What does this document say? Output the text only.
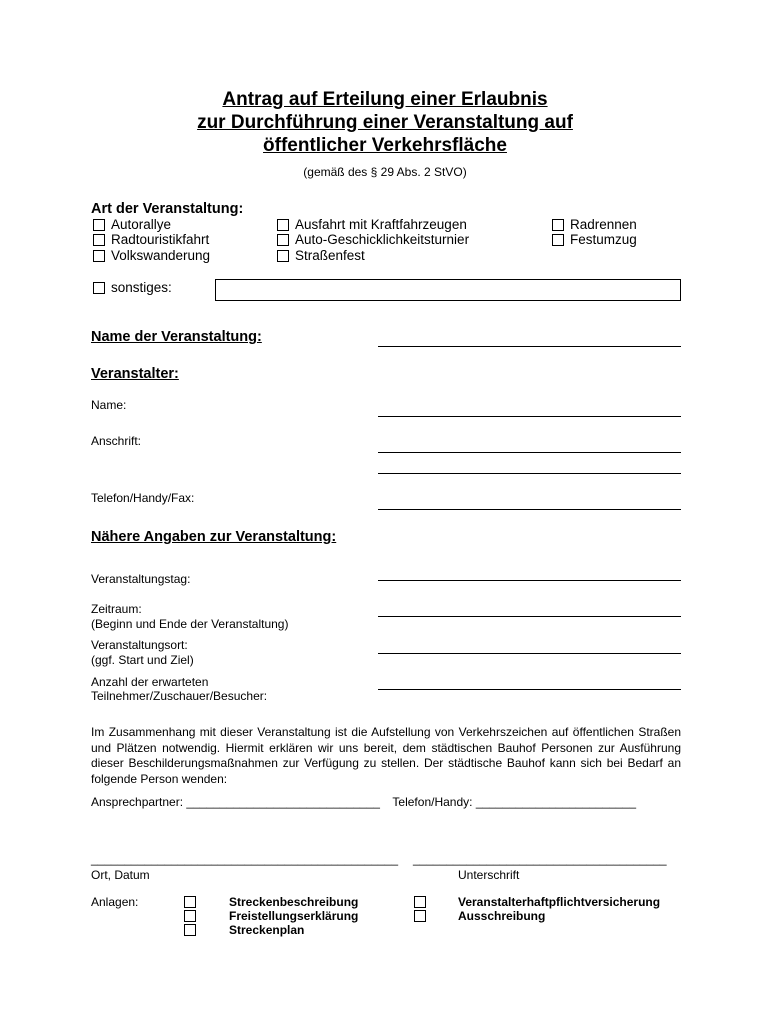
Antrag auf Erteilung einer Erlaubnis
zur Durchführung einer Veranstaltung auf
öffentlicher Verkehrsfläche
(gemäß des § 29 Abs. 2 StVO)
Art der Veranstaltung:
Autorallye
Radtouristikfahrt
Volkswanderung
Ausfahrt mit Kraftfahrzeugen
Auto-Geschicklichkeitsturnier
Straßenfest
Radrennen
Festumzug
sonstiges:
Name der Veranstaltung:
Veranstalter:
Name:
Anschrift:
Telefon/Handy/Fax:
Nähere Angaben zur Veranstaltung:
Veranstaltungstag:
Zeitraum:
(Beginn und Ende der Veranstaltung)
Veranstaltungsort:
(ggf. Start und Ziel)
Anzahl der erwarteten
Teilnehmer/Zuschauer/Besucher:
Im Zusammenhang mit dieser Veranstaltung ist die Aufstellung von Verkehrszeichen auf öffentlichen Straßen und Plätzen notwendig. Hiermit erklären wir uns bereit, dem städtischen Bauhof Personen zur Ausführung dieser Beschilderungsmaßnahmen zur Verfügung zu stellen. Der städtische Bauhof kann sich bei Bedarf an folgende Person wenden:
Ansprechpartner: _____________________________ Telefon/Handy: ________________________
______________________________________________ ______________________________________
Ort, Datum	Unterschrift
Anlagen:	Streckenbeschreibung
Freistellungserklärung
Streckenplan
Veranstalterhaftpflichtversicherung
Ausschreibung
